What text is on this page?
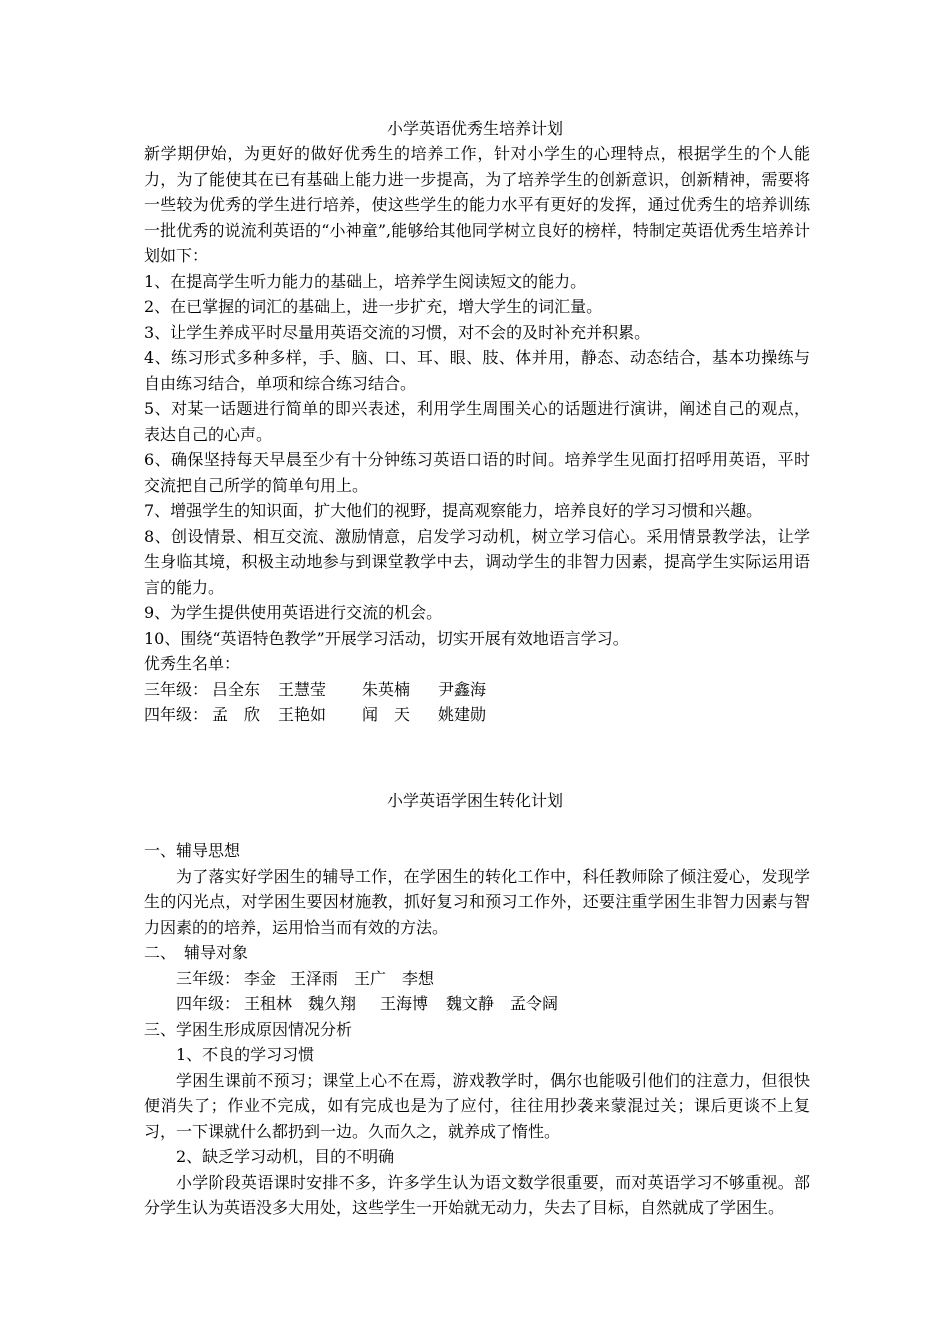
小学英语优秀生培养计划

新学期伊始，为更好的做好优秀生的培养工作，针对小学生的心理特点，根据学生的个人能力，为了能使其在已有基础上能力进一步提高，为了培养学生的创新意识，创新精神，需要将一些较为优秀的学生进行培养，使这些学生的能力水平有更好的发挥，通过优秀生的培养训练一批优秀的说流利英语的“小神童”,能够给其他同学树立良好的榜样，特制定英语优秀生培养计划如下：

1、在提高学生听力能力的基础上，培养学生阅读短文的能力。

2、在已掌握的词汇的基础上，进一步扩充，增大学生的词汇量。

3、让学生养成平时尽量用英语交流的习惯，对不会的及时补充并积累。

4、练习形式多种多样，手、脑、口、耳、眼、肢、体并用，静态、动态结合，基本功操练与自由练习结合，单项和综合练习结合。

5、对某一话题进行简单的即兴表述，利用学生周围关心的话题进行演讲，阐述自己的观点，表达自己的心声。

6、确保坚持每天早晨至少有十分钟练习英语口语的时间。培养学生见面打招呼用英语，平时交流把自己所学的简单句用上。

7、增强学生的知识面，扩大他们的视野，提高观察能力，培养良好的学习习惯和兴趣。

8、创设情景、相互交流、激励情意，启发学习动机，树立学习信心。采用情景教学法，让学生身临其境，积极主动地参与到课堂教学中去，调动学生的非智力因素，提高学生实际运用语言的能力。

9、为学生提供使用英语进行交流的机会。

10、围绕“英语特色教学”开展学习活动，切实开展有效地语言学习。

优秀生名单：

三年级： 吕全东	王慧莹	朱英楠	尹鑫海
四年级： 孟　欣	王艳如	闻　天	姚建勋
小学英语学困生转化计划

一、辅导思想

为了落实好学困生的辅导工作，在学困生的转化工作中，科任教师除了倾注爱心，发现学生的闪光点，对学困生要因材施教，抓好复习和预习工作外，还要注重学困生非智力因素与智力因素的的培养，运用恰当而有效的方法。

二、　辅导对象

三年级： 李金 王泽雨 王广 李想
四年级： 王租林 魏久翔	王海博	魏文静 孟令阔

三、学困生形成原因情况分析

1、不良的学习习惯

学困生课前不预习；课堂上心不在焉，游戏教学时，偶尔也能吸引他们的注意力，但很快便消失了；作业不完成，如有完成也是为了应付，往往用抄袭来蒙混过关；课后更谈不上复习，一下课就什么都扔到一边。久而久之，就养成了惰性。

2、缺乏学习动机，目的不明确

小学阶段英语课时安排不多，许多学生认为语文数学很重要，而对英语学习不够重视。部分学生认为英语没多大用处，这些学生一开始就无动力，失去了目标，自然就成了学困生。
